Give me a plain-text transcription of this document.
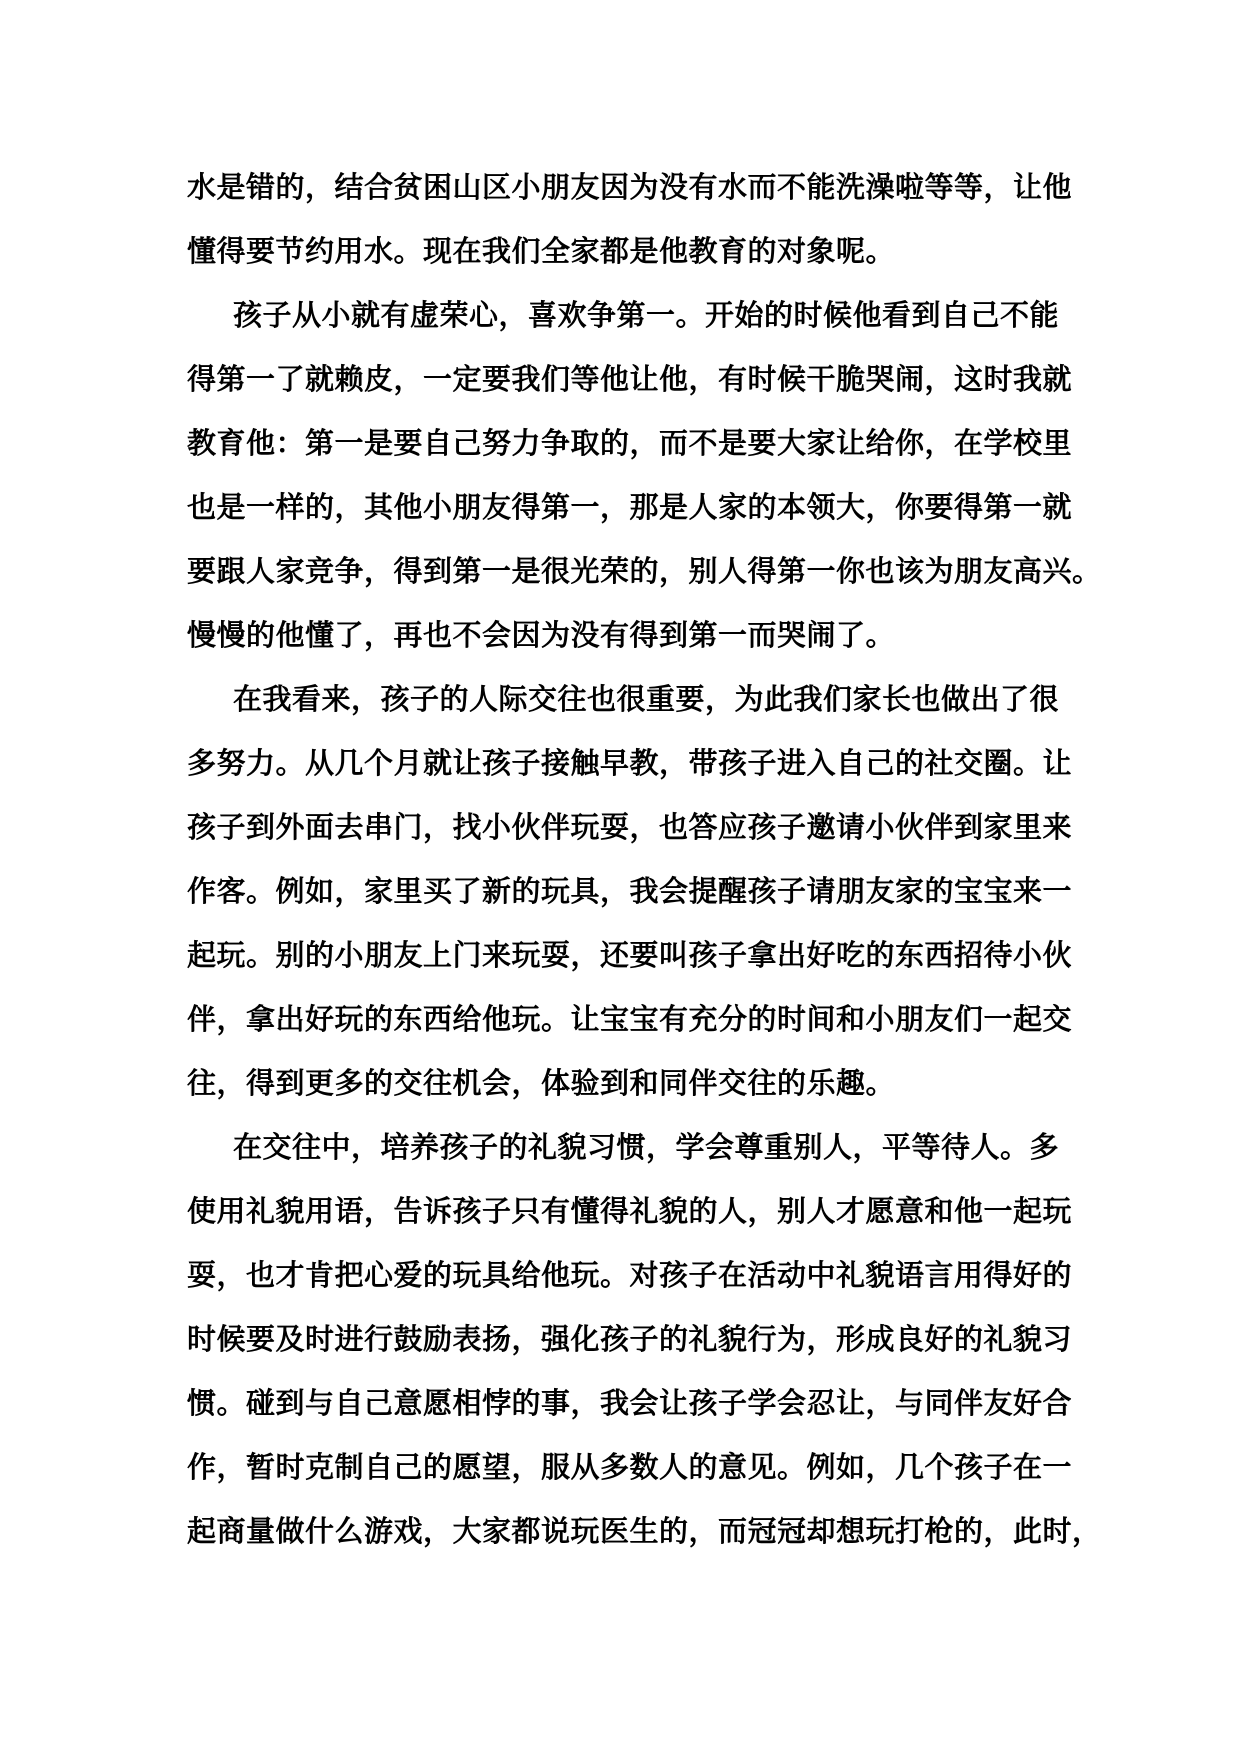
水是错的，结合贫困山区小朋友因为没有水而不能洗澡啦等等，让他
懂得要节约用水。现在我们全家都是他教育的对象呢。
孩子从小就有虚荣心，喜欢争第一。开始的时候他看到自己不能
得第一了就赖皮，一定要我们等他让他，有时候干脆哭闹，这时我就
教育他：第一是要自己努力争取的，而不是要大家让给你，在学校里
也是一样的，其他小朋友得第一，那是人家的本领大，你要得第一就
要跟人家竞争，得到第一是很光荣的，别人得第一你也该为朋友高兴。
慢慢的他懂了，再也不会因为没有得到第一而哭闹了。
在我看来，孩子的人际交往也很重要，为此我们家长也做出了很
多努力。从几个月就让孩子接触早教，带孩子进入自己的社交圈。让
孩子到外面去串门，找小伙伴玩耍，也答应孩子邀请小伙伴到家里来
作客。例如，家里买了新的玩具，我会提醒孩子请朋友家的宝宝来一
起玩。别的小朋友上门来玩耍，还要叫孩子拿出好吃的东西招待小伙
伴，拿出好玩的东西给他玩。让宝宝有充分的时间和小朋友们一起交
往，得到更多的交往机会，体验到和同伴交往的乐趣。
在交往中，培养孩子的礼貌习惯，学会尊重别人，平等待人。多
使用礼貌用语，告诉孩子只有懂得礼貌的人，别人才愿意和他一起玩
耍，也才肯把心爱的玩具给他玩。对孩子在活动中礼貌语言用得好的
时候要及时进行鼓励表扬，强化孩子的礼貌行为，形成良好的礼貌习
惯。碰到与自己意愿相悖的事，我会让孩子学会忍让，与同伴友好合
作，暂时克制自己的愿望，服从多数人的意见。例如，几个孩子在一
起商量做什么游戏，大家都说玩医生的，而冠冠却想玩打枪的，此时，
